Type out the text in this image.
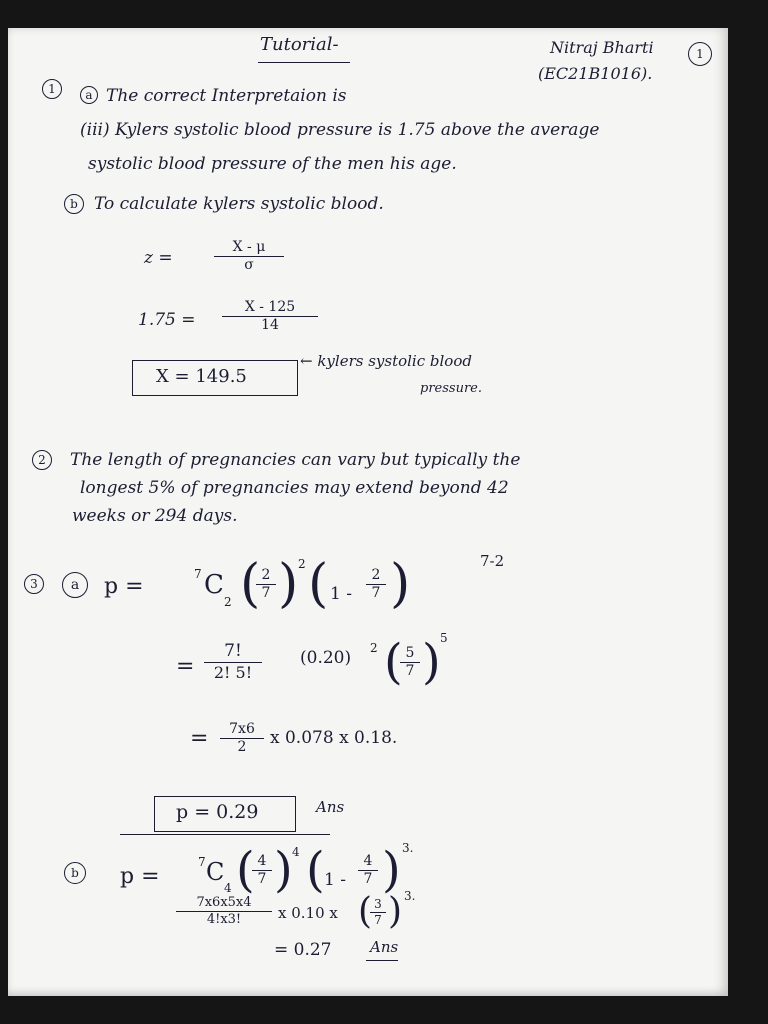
Tutorial-	Nitraj Bharti
(EC21B1016).
1
1	a The correct Interpretaion is
(iii) Kylers systolic blood pressure is 1.75 above the average
systolic blood pressure of the men his age.
b To calculate kylers systolic blood.
z =
X - μ
σ
1.75 =
X - 125
14
X = 149.5
← kylers systolic blood
pressure.
2	The length of pregnancies can vary but typically the
longest 5% of pregnancies may extend beyond 42
weeks or 294 days.
3	a	p =	7 C
2 ( 2
7 ) 2 ( 1 -
2
7 )	7-2
=
7!
2! 5!
(0.20) 2 ( 5
7 ) 5
=	7x6
2	x 0.078 x 0.18.
p = 0.29	Ans
b	p =
7 C
4 ( 4
7 ) 4 ( 1 -
4
7 ) 3.
7x6x5x4
4!x3!	x 0.10 x ( 3
7 ) 3.
= 0.27	Ans
